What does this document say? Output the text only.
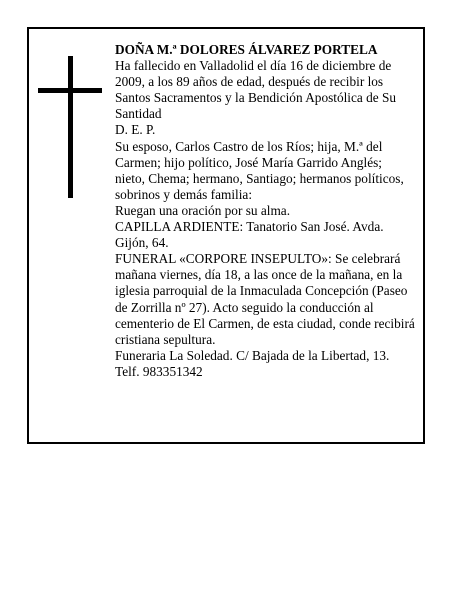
DOÑA M.ª DOLORES ÁLVAREZ PORTELA

Ha fallecido en Valladolid el día 16 de diciembre de 2009, a los 89 años de edad, después de recibir los Santos Sacramentos y la Bendición Apostólica de Su Santidad

D. E. P.

Su esposo, Carlos Castro de los Ríos; hija, M.ª del Carmen; hijo político, José María Garrido Anglés; nieto, Chema; hermano, Santiago; hermanos políticos, sobrinos y demás familia:

Ruegan una oración por su alma.

CAPILLA ARDIENTE: Tanatorio San José. Avda. Gijón, 64.

FUNERAL «CORPORE INSEPULTO»: Se celebrará mañana viernes, día 18, a las once de la mañana, en la iglesia parroquial de la Inmaculada Concepción (Paseo de Zorrilla nº 27). Acto seguido la conducción al cementerio de El Carmen, de esta ciudad, conde recibirá cristiana sepultura.

Funeraria La Soledad. C/ Bajada de la Libertad, 13. Telf. 983351342
